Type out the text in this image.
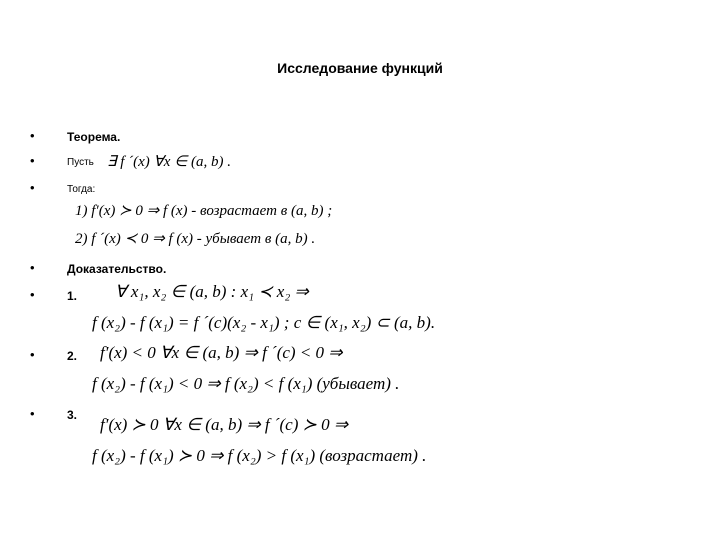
Исследование функций
•	Теорема.
•	Пусть ∃ f ´(x) ∀x ∈ (a, b) .
•	Тогда:
1) f′(x) ≻ 0 ⇒ f (x) - возрастает в (a, b) ;
2) f ´(x) ≺ 0 ⇒ f (x) - убывает в (a, b) .
•	Доказательство.
•	1. ∀ x₁, x₂ ∈ (a, b) : x₁ ≺ x₂ ⇒
f (x₂) - f (x₁) = f ´(c)(x₂ - x₁) ; c ∈ (x₁, x₂) ⊂ (a, b).
•	2. f′(x) < 0 ∀x ∈ (a, b) ⇒ f ´(c) < 0 ⇒
f (x₂) - f (x₁) < 0 ⇒ f (x₂) < f (x₁) (убывает) .
•	3. f′(x) ≻ 0 ∀x ∈ (a, b) ⇒ f ´(c) ≻ 0 ⇒
f (x₂) - f (x₁) ≻ 0 ⇒ f (x₂) > f (x₁) (возрастает) .
